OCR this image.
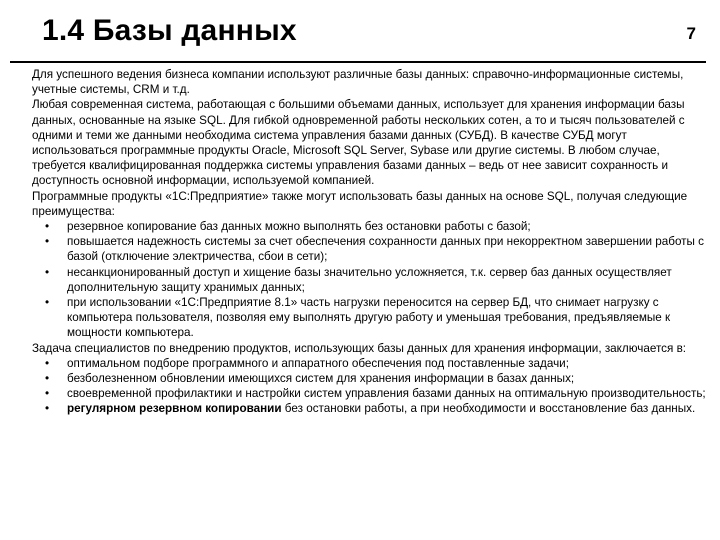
1.4 Базы данных	7

Для успешного ведения бизнеса компании используют различные базы данных: справочно-информационные системы, учетные системы, CRM и т.д.

Любая современная система, работающая с большими объемами данных, использует для хранения информации базы данных, основанные на языке SQL. Для гибкой одновременной работы нескольких сотен, а то и тысяч пользователей с одними и теми же данными необходима система управления базами данных (СУБД). В качестве СУБД могут использоваться программные продукты Oracle, Microsoft SQL Server, Sybase или другие системы. В любом случае, требуется квалифицированная поддержка системы управления базами данных – ведь от нее зависит сохранность и доступность основной информации, используемой компанией.

Программные продукты «1С:Предприятие» также могут использовать базы данных на основе SQL, получая следующие преимущества:

• резервное копирование баз данных можно выполнять без остановки работы с базой;
• повышается надежность системы за счет обеспечения сохранности данных при некорректном завершении работы с базой (отключение электричества, сбои в сети);
• несанкционированный доступ и хищение базы значительно усложняется, т.к. сервер баз данных осуществляет дополнительную защиту хранимых данных;
• при использовании «1С:Предприятие 8.1» часть нагрузки переносится на сервер БД, что снимает нагрузку с компьютера пользователя, позволяя ему выполнять другую работу и уменьшая требования, предъявляемые к мощности компьютера.

Задача специалистов по внедрению продуктов, использующих базы данных для хранения информации, заключается в:

• оптимальном подборе программного и аппаратного обеспечения под поставленные задачи;
• безболезненном обновлении имеющихся систем для хранения информации в базах данных;
• своевременной профилактики и настройки систем управления базами данных на оптимальную производительность;
• регулярном резервном копировании без остановки работы, а при необходимости и восстановление баз данных.
